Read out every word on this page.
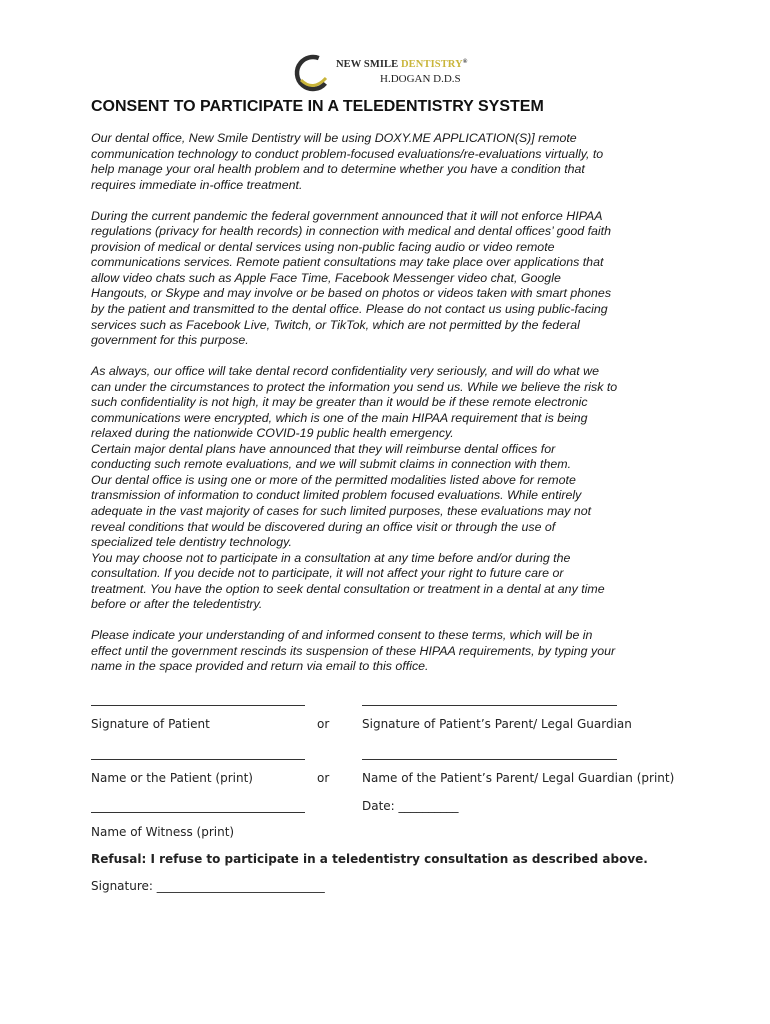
NEW SMILE DENTISTRY®
H.DOGAN D.D.S
CONSENT TO PARTICIPATE IN A TELEDENTISTRY SYSTEM

Our dental office, New Smile Dentistry will be using DOXY.ME APPLICATION(S)] remote
communication technology to conduct problem-focused evaluations/re-evaluations virtually, to
help manage your oral health problem and to determine whether you have a condition that
requires immediate in-office treatment.

During the current pandemic the federal government announced that it will not enforce HIPAA
regulations (privacy for health records) in connection with medical and dental offices’ good faith
provision of medical or dental services using non-public facing audio or video remote
communications services. Remote patient consultations may take place over applications that
allow video chats such as Apple Face Time, Facebook Messenger video chat, Google
Hangouts, or Skype and may involve or be based on photos or videos taken with smart phones
by the patient and transmitted to the dental office. Please do not contact us using public-facing
services such as Facebook Live, Twitch, or TikTok, which are not permitted by the federal
government for this purpose.

As always, our office will take dental record confidentiality very seriously, and will do what we
can under the circumstances to protect the information you send us. While we believe the risk to
such confidentiality is not high, it may be greater than it would be if these remote electronic
communications were encrypted, which is one of the main HIPAA requirement that is being
relaxed during the nationwide COVID-19 public health emergency.

Certain major dental plans have announced that they will reimburse dental offices for
conducting such remote evaluations, and we will submit claims in connection with them.

Our dental office is using one or more of the permitted modalities listed above for remote
transmission of information to conduct limited problem focused evaluations. While entirely
adequate in the vast majority of cases for such limited purposes, these evaluations may not
reveal conditions that would be discovered during an office visit or through the use of
specialized tele dentistry technology.

You may choose not to participate in a consultation at any time before and/or during the
consultation. If you decide not to participate, it will not affect your right to future care or
treatment. You have the option to seek dental consultation or treatment in a dental at any time
before or after the teledentistry.

Please indicate your understanding of and informed consent to these terms, which will be in
effect until the government rescinds its suspension of these HIPAA requirements, by typing your
name in the space provided and return via email to this office.

Signature of Patient	or	Signature of Patient’s Parent/ Legal Guardian
Name or the Patient (print)	or	Name of the Patient’s Parent/ Legal Guardian (print)
Date: __________
Name of Witness (print)
Refusal: I refuse to participate in a teledentistry consultation as described above.
Signature: ____________________________
